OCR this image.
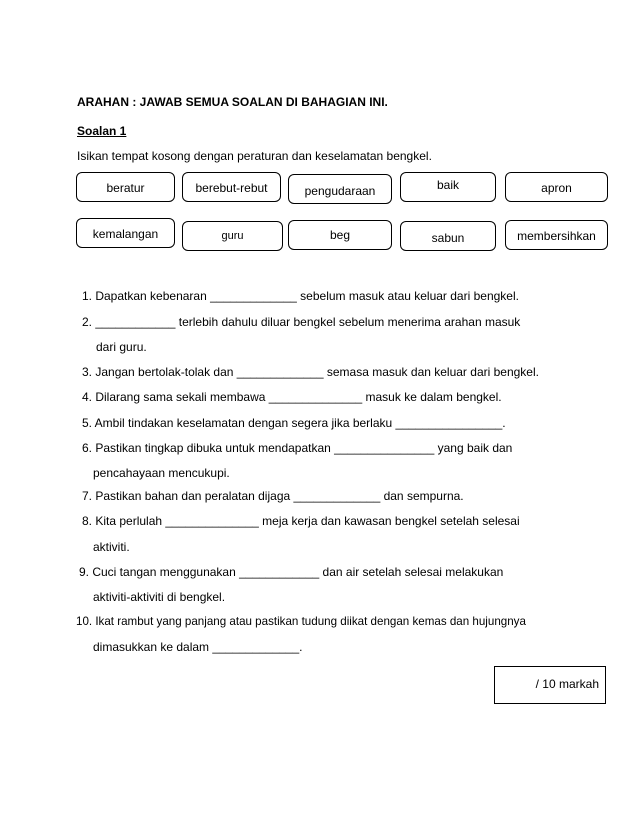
ARAHAN : JAWAB SEMUA SOALAN DI BAHAGIAN INI.
Soalan 1
Isikan tempat kosong dengan peraturan dan keselamatan bengkel.
beratur	berebut-rebut	pengudaraan	baik	apron
kemalangan	guru	beg	sabun	membersihkan
1. Dapatkan kebenaran _____________ sebelum masuk atau keluar dari bengkel.
2. ____________ terlebih dahulu diluar bengkel sebelum menerima arahan masuk
dari guru.
3. Jangan bertolak-tolak dan _____________ semasa masuk dan keluar dari bengkel.
4. Dilarang sama sekali membawa ______________ masuk ke dalam bengkel.
5. Ambil tindakan keselamatan dengan segera jika berlaku ________________.
6. Pastikan tingkap dibuka untuk mendapatkan _______________ yang baik dan
pencahayaan mencukupi.
7. Pastikan bahan dan peralatan dijaga _____________ dan sempurna.
8. Kita perlulah ______________ meja kerja dan kawasan bengkel setelah selesai
aktiviti.
9. Cuci tangan menggunakan ____________ dan air setelah selesai melakukan
aktiviti-aktiviti di bengkel.
10. Ikat rambut yang panjang atau pastikan tudung diikat dengan kemas dan hujungnya
dimasukkan ke dalam _____________.
/ 10 markah
